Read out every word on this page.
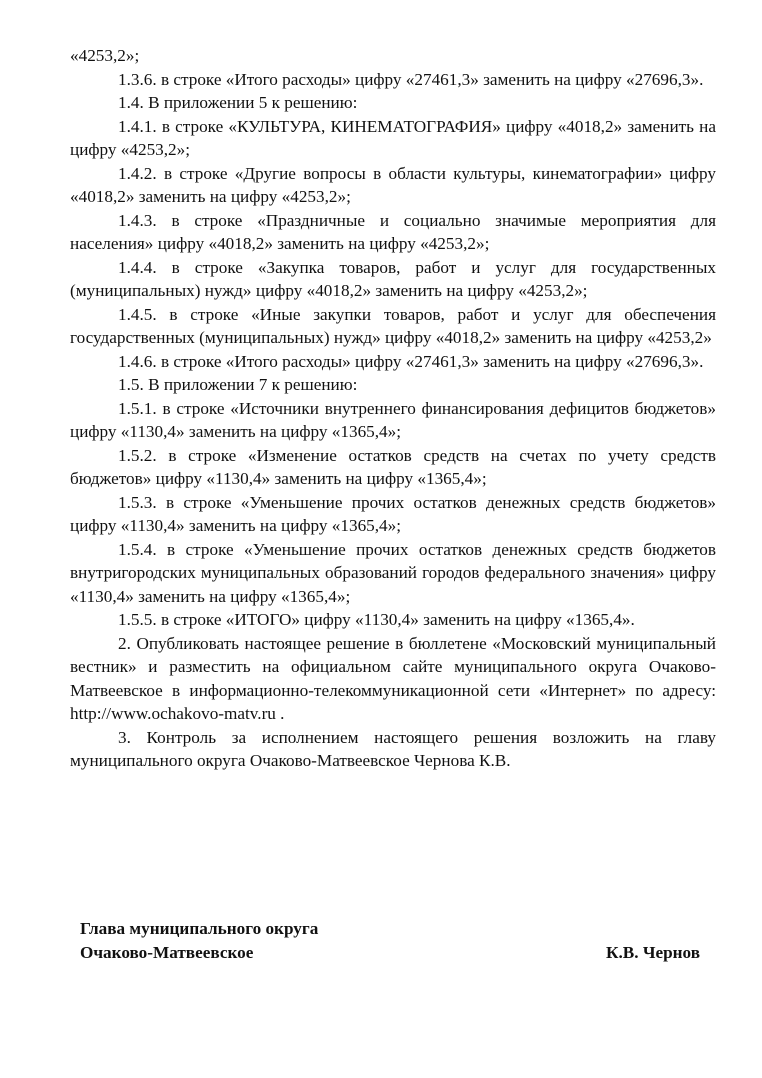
«4253,2»;

1.3.6. в строке «Итого расходы» цифру «27461,3» заменить на цифру «27696,3».

1.4. В приложении 5 к решению:

1.4.1. в строке «КУЛЬТУРА, КИНЕМАТОГРАФИЯ» цифру «4018,2» заменить на цифру «4253,2»;

1.4.2. в строке «Другие вопросы в области культуры, кинематографии» цифру «4018,2» заменить на цифру «4253,2»;

1.4.3. в строке «Праздничные и социально значимые мероприятия для населения» цифру «4018,2» заменить на цифру «4253,2»;

1.4.4. в строке «Закупка товаров, работ и услуг для государственных (муниципальных) нужд» цифру «4018,2» заменить на цифру «4253,2»;

1.4.5. в строке «Иные закупки товаров, работ и услуг для обеспечения государственных (муниципальных) нужд» цифру «4018,2» заменить на цифру «4253,2»

1.4.6. в строке «Итого расходы» цифру «27461,3» заменить на цифру «27696,3».

1.5. В приложении 7 к решению:

1.5.1. в строке «Источники внутреннего финансирования дефицитов бюджетов» цифру «1130,4» заменить на цифру «1365,4»;

1.5.2. в строке «Изменение остатков средств на счетах по учету средств бюджетов» цифру «1130,4» заменить на цифру «1365,4»;

1.5.3. в строке «Уменьшение прочих остатков денежных средств бюджетов» цифру «1130,4» заменить на цифру «1365,4»;

1.5.4. в строке «Уменьшение прочих остатков денежных средств бюджетов внутригородских муниципальных образований городов федерального значения» цифру «1130,4» заменить на цифру «1365,4»;

1.5.5. в строке «ИТОГО» цифру «1130,4» заменить на цифру «1365,4».

2. Опубликовать настоящее решение в бюллетене «Московский муниципальный вестник» и разместить на официальном сайте муниципального округа Очаково-Матвеевское в информационно-телекоммуникационной сети «Интернет» по адресу: http://www.ochakovo-matv.ru .

3. Контроль за исполнением настоящего решения возложить на главу муниципального округа Очаково-Матвеевское Чернова К.В.

Глава муниципального округа
Очаково-Матвеевское	К.В. Чернов
